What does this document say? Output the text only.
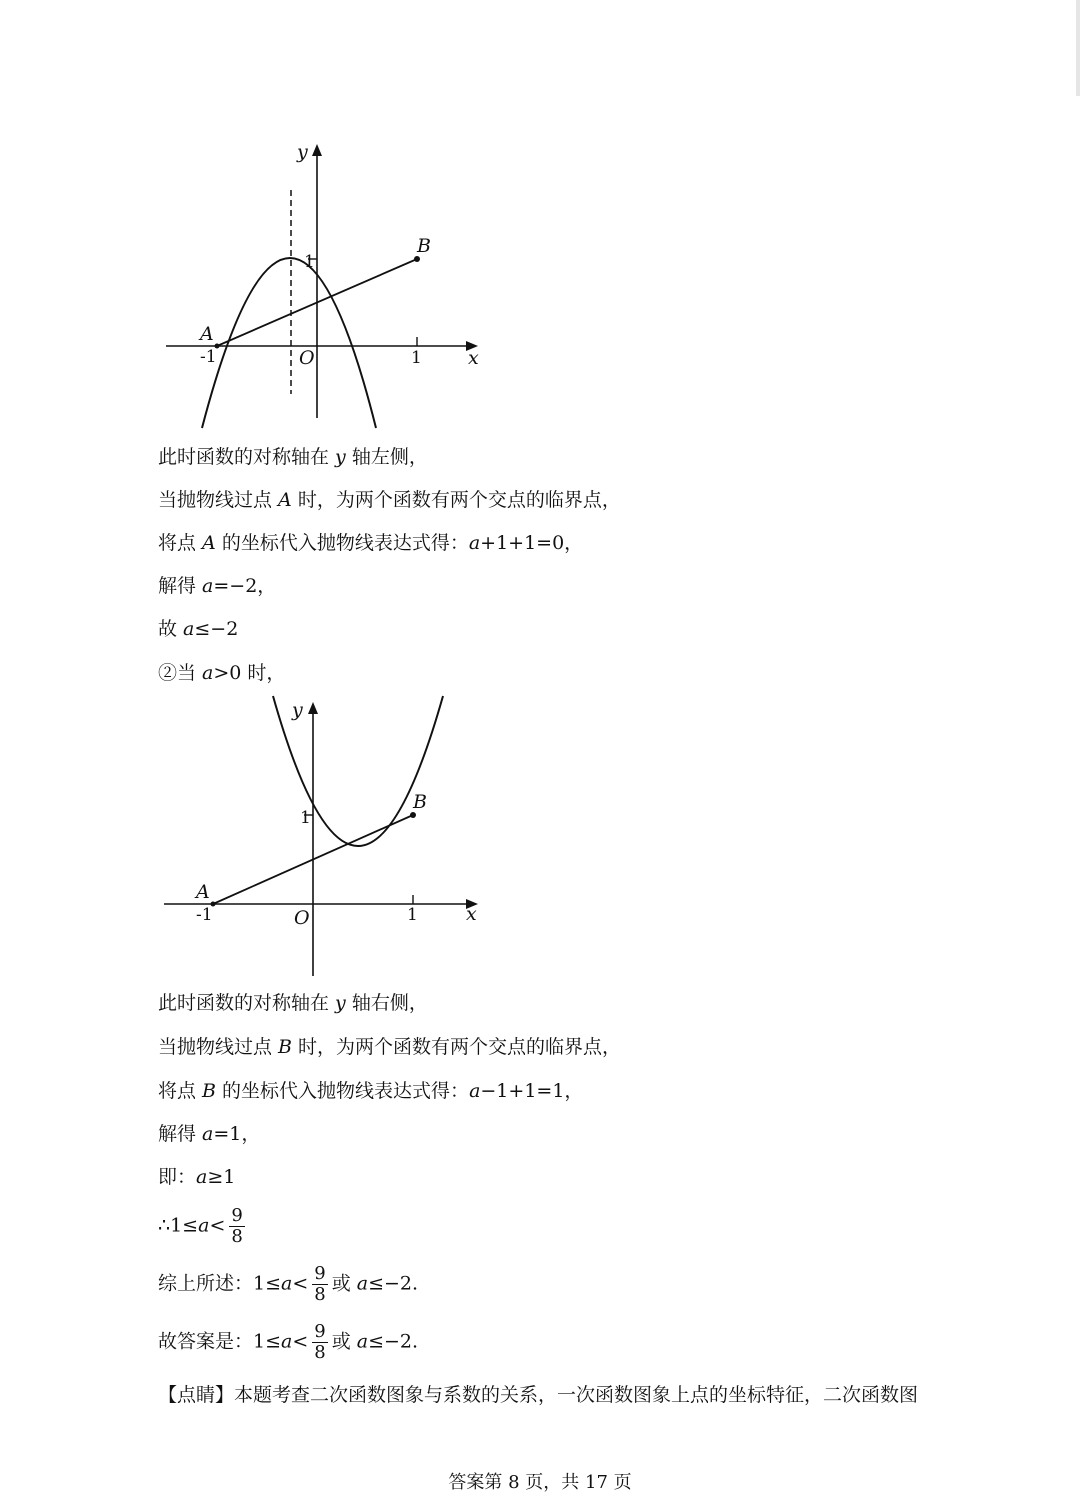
y
x
A
B
O
-1	1
1
此时函数的对称轴在 y 轴左侧，
当抛物线过点 A 时，为两个函数有两个交点的临界点，
将点 A 的坐标代入抛物线表达式得：a+1+1=0，
解得 a=−2，
故 a≤−2
②当 a>0 时，
y
x
A
B
O
-1	1
1
此时函数的对称轴在 y 轴右侧，
当抛物线过点 B 时，为两个函数有两个交点的临界点，
将点 B 的坐标代入抛物线表达式得：a−1+1=1，
解得 a=1，
即：a≥1
∴1≤a< $\frac{9}{8}$
综上所述：$1\le a< \frac{9}{8}$ 或 a≤−2.
故答案是：$1\le a< \frac{9}{8}$ 或 a≤−2.
【点睛】本题考查二次函数图象与系数的关系，一次函数图象上点的坐标特征，二次函数图
答案第 8 页，共 17 页
